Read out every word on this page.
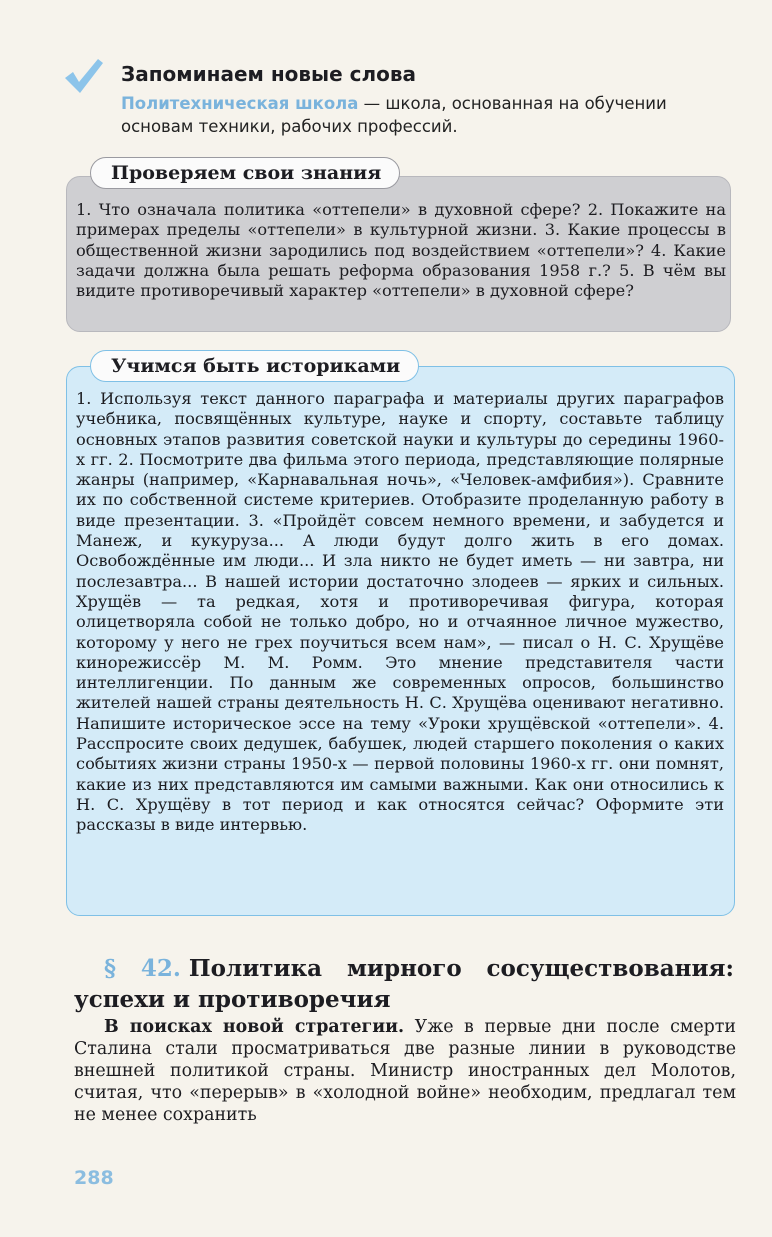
Запоминаем новые слова
Политехническая школа — школа, основанная на обучении основам техники, рабочих профессий.
Проверяем свои знания
1. Что означала политика «оттепели» в духовной сфере? 2. Покажите на примерах пределы «оттепели» в культурной жизни. 3. Какие процессы в общественной жизни зародились под воздействием «оттепели»? 4. Какие задачи должна была решать реформа образования 1958 г.? 5. В чём вы видите противоречивый характер «оттепели» в духовной сфере?
Учимся быть историками
1. Используя текст данного параграфа и материалы других параграфов учебника, посвящённых культуре, науке и спорту, составьте таблицу основных этапов развития советской науки и культуры до середины 1960-х гг. 2. Посмотрите два фильма этого периода, представляющие полярные жанры (например, «Карнавальная ночь», «Человек-амфибия»). Сравните их по собственной системе критериев. Отобразите проделанную работу в виде презентации. 3. «Пройдёт совсем немного времени, и забудется и Манеж, и кукуруза... А люди будут долго жить в его домах. Освобождённые им люди... И зла никто не будет иметь — ни завтра, ни послезавтра... В нашей истории достаточно злодеев — ярких и сильных. Хрущёв — та редкая, хотя и противоречивая фигура, которая олицетворяла собой не только добро, но и отчаянное личное мужество, которому у него не грех поучиться всем нам», — писал о Н. С. Хрущёве кинорежиссёр М. М. Ромм. Это мнение представителя части интеллигенции. По данным же современных опросов, большинство жителей нашей страны деятельность Н. С. Хрущёва оценивают негативно. Напишите историческое эссе на тему «Уроки хрущёвской «оттепели». 4. Расспросите своих дедушек, бабушек, людей старшего поколения о каких событиях жизни страны 1950-х — первой половины 1960-х гг. они помнят, какие из них представляются им самыми важными. Как они относились к Н. С. Хрущёву в тот период и как относятся сейчас? Оформите эти рассказы в виде интервью.
§ 42. Политика мирного сосуществования: успехи и противоречия
В поисках новой стратегии. Уже в первые дни после смерти Сталина стали просматриваться две разные линии в руководстве внешней политикой страны. Министр иностранных дел Молотов, считая, что «перерыв» в «холодной войне» необходим, предлагал тем не менее сохранить
288
